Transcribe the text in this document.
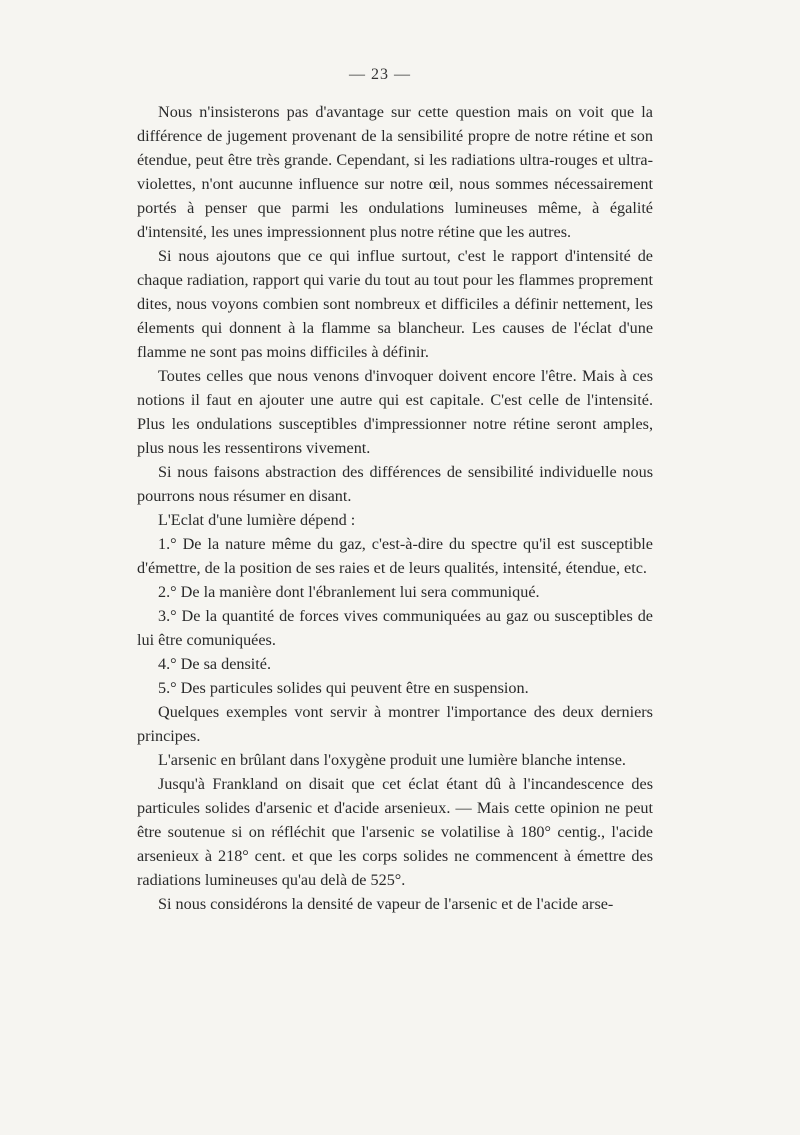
— 23 —

Nous n'insisterons pas d'avantage sur cette question mais on voit que la différence de jugement provenant de la sensibilité propre de notre rétine et son étendue, peut être très grande. Cependant, si les radiations ultra-rouges et ultra-violettes, n'ont aucunne influence sur notre œil, nous sommes nécessairement portés à penser que parmi les ondulations lumineuses même, à égalité d'intensité, les unes impressionnent plus notre rétine que les autres.

Si nous ajoutons que ce qui influe surtout, c'est le rapport d'intensité de chaque radiation, rapport qui varie du tout au tout pour les flammes proprement dites, nous voyons combien sont nombreux et difficiles a définir nettement, les élements qui donnent à la flamme sa blancheur. Les causes de l'éclat d'une flamme ne sont pas moins difficiles à définir.

Toutes celles que nous venons d'invoquer doivent encore l'être. Mais à ces notions il faut en ajouter une autre qui est capitale. C'est celle de l'intensité. Plus les ondulations susceptibles d'impressionner notre rétine seront amples, plus nous les ressentirons vivement.

Si nous faisons abstraction des différences de sensibilité individuelle nous pourrons nous résumer en disant.

L'Eclat d'une lumière dépend :

1.° De la nature même du gaz, c'est-à-dire du spectre qu'il est susceptible d'émettre, de la position de ses raies et de leurs qualités, intensité, étendue, etc.

2.° De la manière dont l'ébranlement lui sera communiqué.

3.° De la quantité de forces vives communiquées au gaz ou susceptibles de lui être comuniquées.

4.° De sa densité.

5.° Des particules solides qui peuvent être en suspension.

Quelques exemples vont servir à montrer l'importance des deux derniers principes.

L'arsenic en brûlant dans l'oxygène produit une lumière blanche intense.

Jusqu'à Frankland on disait que cet éclat étant dû à l'incandescence des particules solides d'arsenic et d'acide arsenieux. — Mais cette opinion ne peut être soutenue si on réfléchit que l'arsenic se volatilise à 180° centig., l'acide arsenieux à 218° cent. et que les corps solides ne commencent à émettre des radiations lumineuses qu'au delà de 525°.

Si nous considérons la densité de vapeur de l'arsenic et de l'acide arse-
